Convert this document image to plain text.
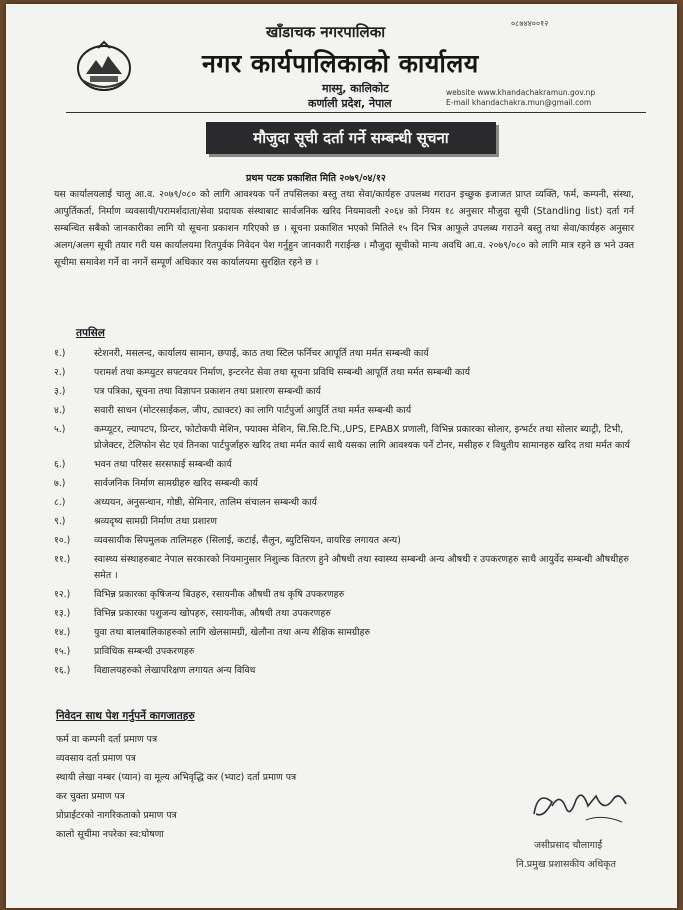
०८७४४००१२
खाँडाचक नगरपालिका
नगर कार्यपालिकाको कार्यालय
मास्मु, कालिकोट
कर्णाली प्रदेश, नेपाल
website www.khandachakramun.gov.np
E-mail khandachakra.mun@gmail.com
मौजुदा सूची दर्ता गर्ने सम्बन्धी सूचना
प्रथम पटक प्रकाशित मिति २०७९/०४/१२
यस कार्यालयलाई चालु आ.व. २०७९/०८० को लागि आवश्यक पर्ने तपसिलका बस्तु तथा सेवा/कार्यहरु उपलब्ध गराउन इच्छुक इजाजत प्राप्त व्यक्ति, फर्म, कम्पनी, संस्था, आपुर्तिकर्ता, निर्माण व्यवसायी/परामर्शदाता/सेवा प्रदायक संस्थाबाट सार्वजनिक खरिद नियमावली २०६४ को नियम १८ अनुसार मौजुदा सूची (Standling list) दर्ता गर्न सम्बन्धित सबैको जानकारीका लागि यो सूचना प्रकाशन गरिएको छ । सूचना प्रकाशित भएको मितिले १५ दिन भित्र आफुले उपलब्ध गराउने बस्तु तथा सेवा/कार्यहरु अनुसार अलग/अलग सूची तयार गरी यस कार्यालयमा रितपुर्वक निवेदन पेश गर्नुहुन जानकारी गराईन्छ । मौजुदा सूचीको मान्य अवधि आ.व. २०७९/०८० को लागि मात्र रहने छ भने उक्त सूचीमा समावेश गर्ने वा नगर्ने सम्पूर्ण अधिकार यस कार्यालयमा सुरक्षित रहने छ ।
तपसिल
१.)	स्टेशनरी, मसलन्द, कार्यालय सामान, छपाई, काठ तथा स्टिल फर्निचर आपूर्ति तथा मर्मत सम्बन्धी कार्य
२.)	परामर्श तथा कम्प्युटर सफ्टवयर निर्माण, इन्टरनेट सेवा तथा सूचना प्रविधि सम्बन्धी आपूर्ति तथा मर्मत सम्बन्धी कार्य
३.)	पत्र पत्रिका, सूचना तथा विज्ञापन प्रकाशन तथा प्रशारण सम्बन्धी कार्य
४.)	सवारी साधन (मोटरसाईकल, जीप, ट्याक्टर) का लागि पार्टपुर्जा आपुर्ति तथा मर्मत सम्बन्धी कार्य
५.)	कम्प्यूटर, ल्यापटप, प्रिन्टर, फोटोकपी मेशिन, फ्याक्स मेशिन, सि.सि.टि.भि.,UPS, EPABX प्रणाली, विभिन्न प्रकारका सोलार, इन्भर्टर तथा सोलार ब्याट्री, टिभी, प्रोजेक्टर, टेलिफोन सेट एवं तिनका पार्टपुर्जाहरु खरिद तथा मर्मत कार्य साथै यसका लागि आवश्यक पर्ने टोनर, मसीहरु र विधुतीय सामानहरु खरिद तथा मर्मत कार्य
६.)	भवन तथा परिसर सरसफाई सम्बन्धी कार्य
७.)	सार्वजनिक निर्माण सामग्रीहरु खरिद सम्बन्धी कार्य
८.)	अध्ययन, अनुसन्धान, गोष्ठी, सेमिनार, तालिम संचालन सम्बन्धी कार्य
९.)	श्रव्यदृष्य सामग्री निर्माण तथा प्रशारण
१०.)	व्यवसायीक सिपमुलक तालिमहरु (सिलाई, कटाई, सैलुन, ब्युटिसियन, वायरिङ लगायत अन्य)
११.)	स्वास्थ्य संस्थाहरुबाट नेपाल सरकारको नियमानुसार निशुल्क वितरण हुने औषधी तथा स्वास्थ्य सम्बन्धी अन्य औषधी र उपकरणहरु साथै आयुर्वेद सम्बन्धी औषधीहरु समेत ।
१२.)	विभिन्न प्रकारका कृषिजन्य बिउहरु, रसायनीक औषधी तथ कृषि उपकरणहरु
१३.)	विभिन्न प्रकारका पशुजन्य खोपहरु, रसायनीक, औषधी तथा उपकरणहरु
१४.)	युवा तथा बालबालिकाहरुको लागि खेलसामग्री, खेलौना तथा अन्य शैक्षिक सामग्रीहरु
१५.)	प्राविधिक सम्बन्धी उपकरणहरु
१६.)	विद्यालयहरुको लेखापरिक्षण लगायत अन्य विविध
निवेदन साथ पेश गर्नुपर्ने कागजातहरु
फर्म वा कम्पनी दर्ता प्रमाण पत्र
व्यवसाय दर्ता प्रमाण पत्र
स्थायी लेखा नम्बर (प्यान) वा मूल्य अभिवृद्धि कर (भ्याट) दर्ता प्रमाण पत्र
कर चुक्ता प्रमाण पत्र
प्रोप्राईटरको नागरिकताको प्रमाण पत्र
कालो सूचीमा नपरेका स्व:घोषणा
जसीप्रसाद चौलागाईं
नि.प्रमुख प्रशासकीय अधिकृत
